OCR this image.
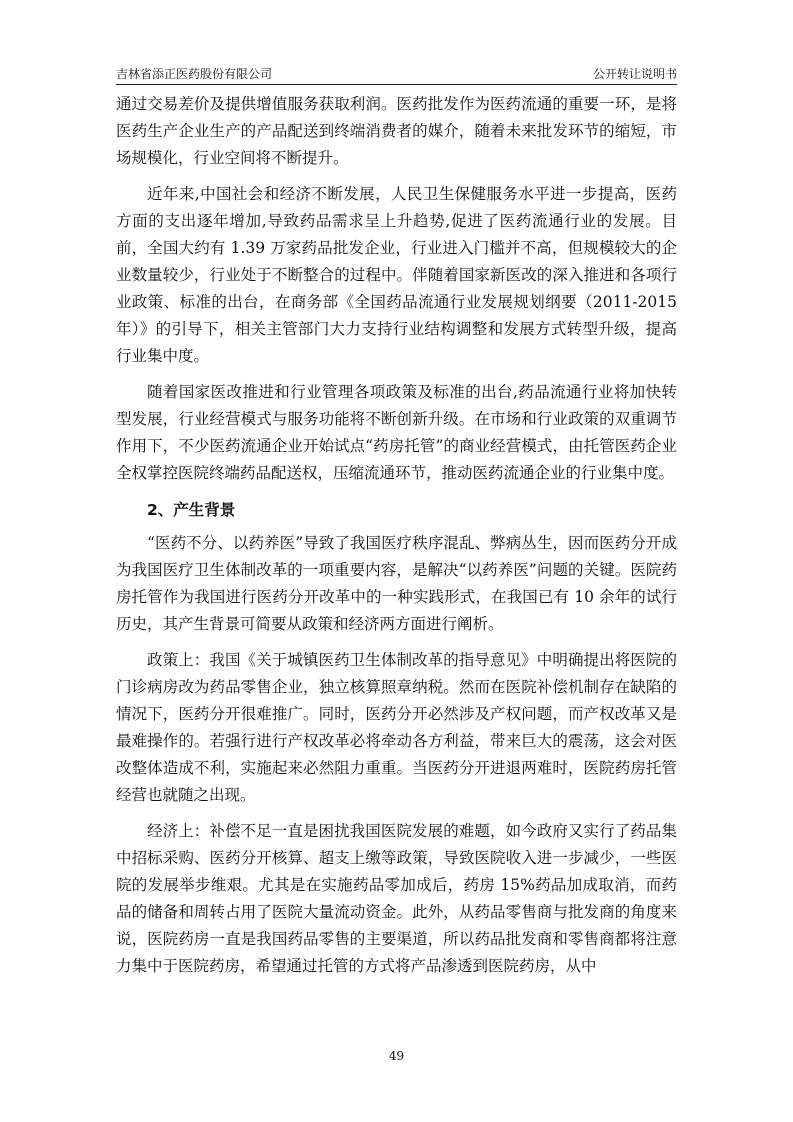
吉林省添正医药股份有限公司	公开转让说明书

通过交易差价及提供增值服务获取利润。医药批发作为医药流通的重要一环，是将医药生产企业生产的产品配送到终端消费者的媒介，随着未来批发环节的缩短，市场规模化，行业空间将不断提升。

近年来,中国社会和经济不断发展，人民卫生保健服务水平进一步提高，医药方面的支出逐年增加,导致药品需求呈上升趋势,促进了医药流通行业的发展。目前，全国大约有 1.39 万家药品批发企业，行业进入门槛并不高，但规模较大的企业数量较少，行业处于不断整合的过程中。伴随着国家新医改的深入推进和各项行业政策、标准的出台，在商务部《全国药品流通行业发展规划纲要（2011-2015 年）》的引导下，相关主管部门大力支持行业结构调整和发展方式转型升级，提高行业集中度。

随着国家医改推进和行业管理各项政策及标准的出台,药品流通行业将加快转型发展，行业经营模式与服务功能将不断创新升级。在市场和行业政策的双重调节作用下，不少医药流通企业开始试点“药房托管”的商业经营模式，由托管医药企业全权掌控医院终端药品配送权，压缩流通环节，推动医药流通企业的行业集中度。

2、产生背景

“医药不分、以药养医”导致了我国医疗秩序混乱、弊病丛生，因而医药分开成为我国医疗卫生体制改革的一项重要内容，是解决“以药养医”问题的关键。医院药房托管作为我国进行医药分开改革中的一种实践形式，在我国已有 10 余年的试行历史，其产生背景可简要从政策和经济两方面进行阐析。

政策上：我国《关于城镇医药卫生体制改革的指导意见》中明确提出将医院的门诊病房改为药品零售企业，独立核算照章纳税。然而在医院补偿机制存在缺陷的情况下，医药分开很难推广。同时，医药分开必然涉及产权问题，而产权改革又是最难操作的。若强行进行产权改革必将牵动各方利益，带来巨大的震荡，这会对医改整体造成不利，实施起来必然阻力重重。当医药分开进退两难时，医院药房托管经营也就随之出现。

经济上：补偿不足一直是困扰我国医院发展的难题，如今政府又实行了药品集中招标采购、医药分开核算、超支上缴等政策，导致医院收入进一步减少，一些医院的发展举步维艰。尤其是在实施药品零加成后，药房 15%药品加成取消，而药品的储备和周转占用了医院大量流动资金。此外，从药品零售商与批发商的角度来说，医院药房一直是我国药品零售的主要渠道，所以药品批发商和零售商都将注意力集中于医院药房，希望通过托管的方式将产品渗透到医院药房，从中

49
